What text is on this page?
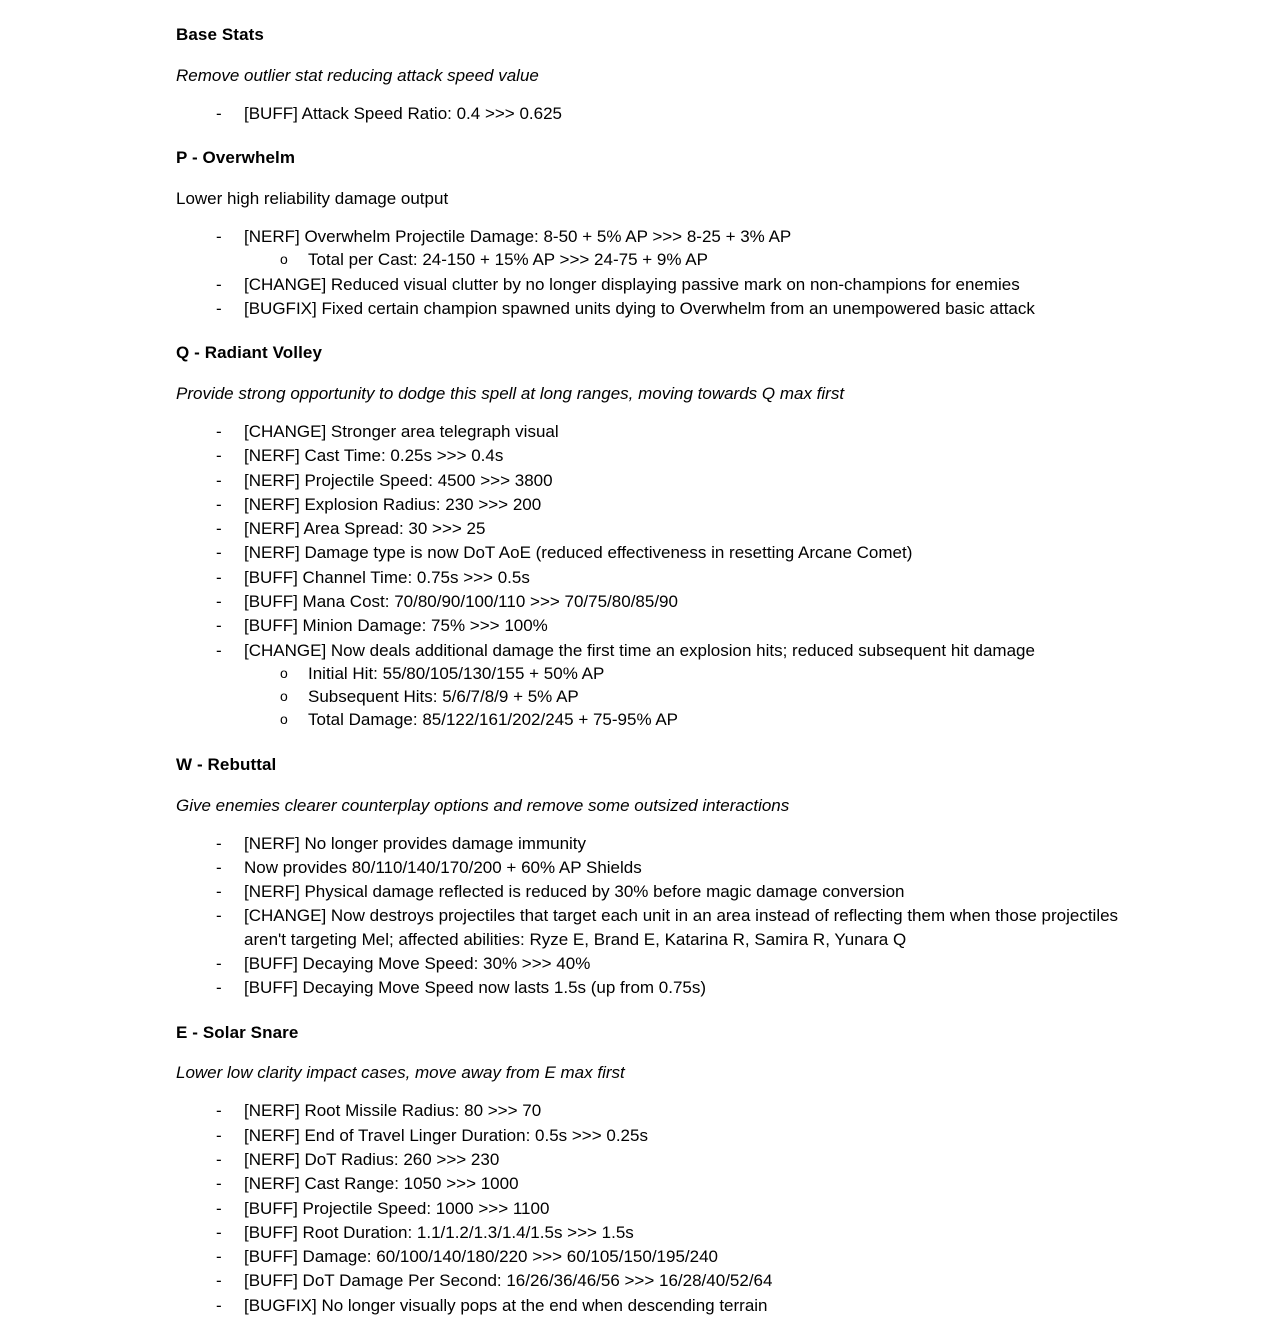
Base Stats

Remove outlier stat reducing attack speed value

- [BUFF] Attack Speed Ratio: 0.4 >>> 0.625
P - Overwhelm

Lower high reliability damage output

- [NERF] Overwhelm Projectile Damage: 8-50 + 5% AP >>> 8-25 + 3% AP
o Total per Cast: 24-150 + 15% AP >>> 24-75 + 9% AP
- [CHANGE] Reduced visual clutter by no longer displaying passive mark on non-champions for enemies
- [BUGFIX] Fixed certain champion spawned units dying to Overwhelm from an unempowered basic attack
Q - Radiant Volley

Provide strong opportunity to dodge this spell at long ranges, moving towards Q max first

- [CHANGE] Stronger area telegraph visual
- [NERF] Cast Time: 0.25s >>> 0.4s
- [NERF] Projectile Speed: 4500 >>> 3800
- [NERF] Explosion Radius: 230 >>> 200
- [NERF] Area Spread: 30 >>> 25
- [NERF] Damage type is now DoT AoE (reduced effectiveness in resetting Arcane Comet)
- [BUFF] Channel Time: 0.75s >>> 0.5s
- [BUFF] Mana Cost: 70/80/90/100/110 >>> 70/75/80/85/90
- [BUFF] Minion Damage: 75% >>> 100%
- [CHANGE] Now deals additional damage the first time an explosion hits; reduced subsequent hit damage
o Initial Hit: 55/80/105/130/155 + 50% AP
o Subsequent Hits: 5/6/7/8/9 + 5% AP
o Total Damage: 85/122/161/202/245 + 75-95% AP
W - Rebuttal

Give enemies clearer counterplay options and remove some outsized interactions

- [NERF] No longer provides damage immunity
- Now provides 80/110/140/170/200 + 60% AP Shields
- [NERF] Physical damage reflected is reduced by 30% before magic damage conversion
- [CHANGE] Now destroys projectiles that target each unit in an area instead of reflecting them when those projectiles aren't targeting Mel; affected abilities: Ryze E, Brand E, Katarina R, Samira R, Yunara Q
- [BUFF] Decaying Move Speed: 30% >>> 40%
- [BUFF] Decaying Move Speed now lasts 1.5s (up from 0.75s)
E - Solar Snare

Lower low clarity impact cases, move away from E max first

- [NERF] Root Missile Radius: 80 >>> 70
- [NERF] End of Travel Linger Duration: 0.5s >>> 0.25s
- [NERF] DoT Radius: 260 >>> 230
- [NERF] Cast Range: 1050 >>> 1000
- [BUFF] Projectile Speed: 1000 >>> 1100
- [BUFF] Root Duration: 1.1/1.2/1.3/1.4/1.5s >>> 1.5s
- [BUFF] Damage: 60/100/140/180/220 >>> 60/105/150/195/240
- [BUFF] DoT Damage Per Second: 16/26/36/46/56 >>> 16/28/40/52/64
- [BUGFIX] No longer visually pops at the end when descending terrain
